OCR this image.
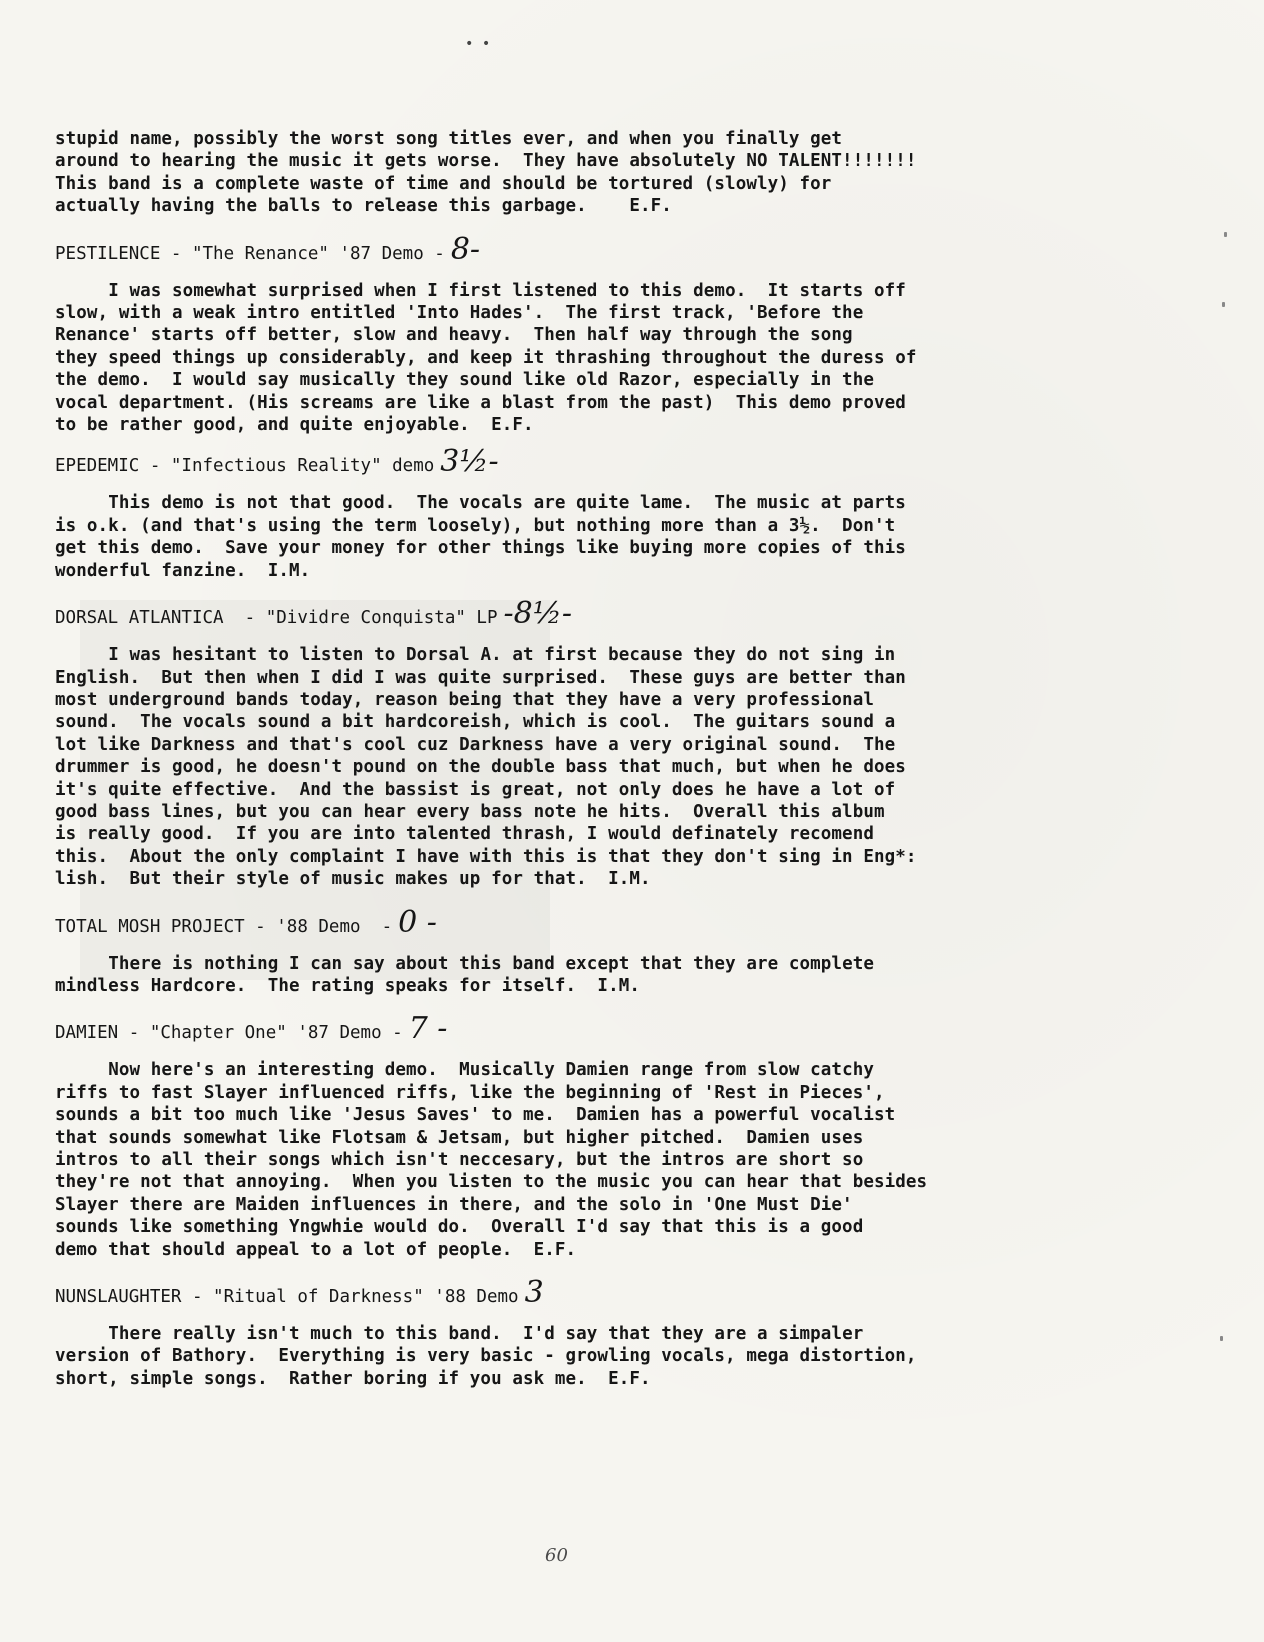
• •

stupid name, possibly the worst song titles ever, and when you finally get
around to hearing the music it gets worse.  They have absolutely NO TALENT!!!!!!!
This band is a complete waste of time and should be tortured (slowly) for
actually having the balls to release this garbage.    E.F.

PESTILENCE - "The Renance" '87 Demo - 8-

I was somewhat surprised when I first listened to this demo.  It starts off
slow, with a weak intro entitled 'Into Hades'.  The first track, 'Before the
Renance' starts off better, slow and heavy.  Then half way through the song
they speed things up considerably, and keep it thrashing throughout the duress of
the demo.  I would say musically they sound like old Razor, especially in the
vocal department. (His screams are like a blast from the past)  This demo proved
to be rather good, and quite enjoyable.  E.F.

EPEDEMIC - "Infectious Reality" demo 3½-

This demo is not that good.  The vocals are quite lame.  The music at parts
is o.k. (and that's using the term loosely), but nothing more than a 3½.  Don't
get this demo.  Save your money for other things like buying more copies of this
wonderful fanzine.  I.M.

DORSAL ATLANTICA  - "Dividre Conquista" LP -8½-

I was hesitant to listen to Dorsal A. at first because they do not sing in
English.  But then when I did I was quite surprised.  These guys are better than
most underground bands today, reason being that they have a very professional
sound.  The vocals sound a bit hardcoreish, which is cool.  The guitars sound a
lot like Darkness and that's cool cuz Darkness have a very original sound.  The
drummer is good, he doesn't pound on the double bass that much, but when he does
it's quite effective.  And the bassist is great, not only does he have a lot of
good bass lines, but you can hear every bass note he hits.  Overall this album
is really good.  If you are into talented thrash, I would definately recomend
this.  About the only complaint I have with this is that they don't sing in Eng*:
lish.  But their style of music makes up for that.  I.M.

TOTAL MOSH PROJECT - '88 Demo  - 0 -

There is nothing I can say about this band except that they are complete
mindless Hardcore.  The rating speaks for itself.  I.M.

DAMIEN - "Chapter One" '87 Demo - 7 -

Now here's an interesting demo.  Musically Damien range from slow catchy
riffs to fast Slayer influenced riffs, like the beginning of 'Rest in Pieces',
sounds a bit too much like 'Jesus Saves' to me.  Damien has a powerful vocalist
that sounds somewhat like Flotsam & Jetsam, but higher pitched.  Damien uses
intros to all their songs which isn't neccesary, but the intros are short so
they're not that annoying.  When you listen to the music you can hear that besides
Slayer there are Maiden influences in there, and the solo in 'One Must Die'
sounds like something Yngwhie would do.  Overall I'd say that this is a good
demo that should appeal to a lot of people.  E.F.

NUNSLAUGHTER - "Ritual of Darkness" '88 Demo 3

There really isn't much to this band.  I'd say that they are a simpaler
version of Bathory.  Everything is very basic - growling vocals, mega distortion,
short, simple songs.  Rather boring if you ask me.  E.F.

60
